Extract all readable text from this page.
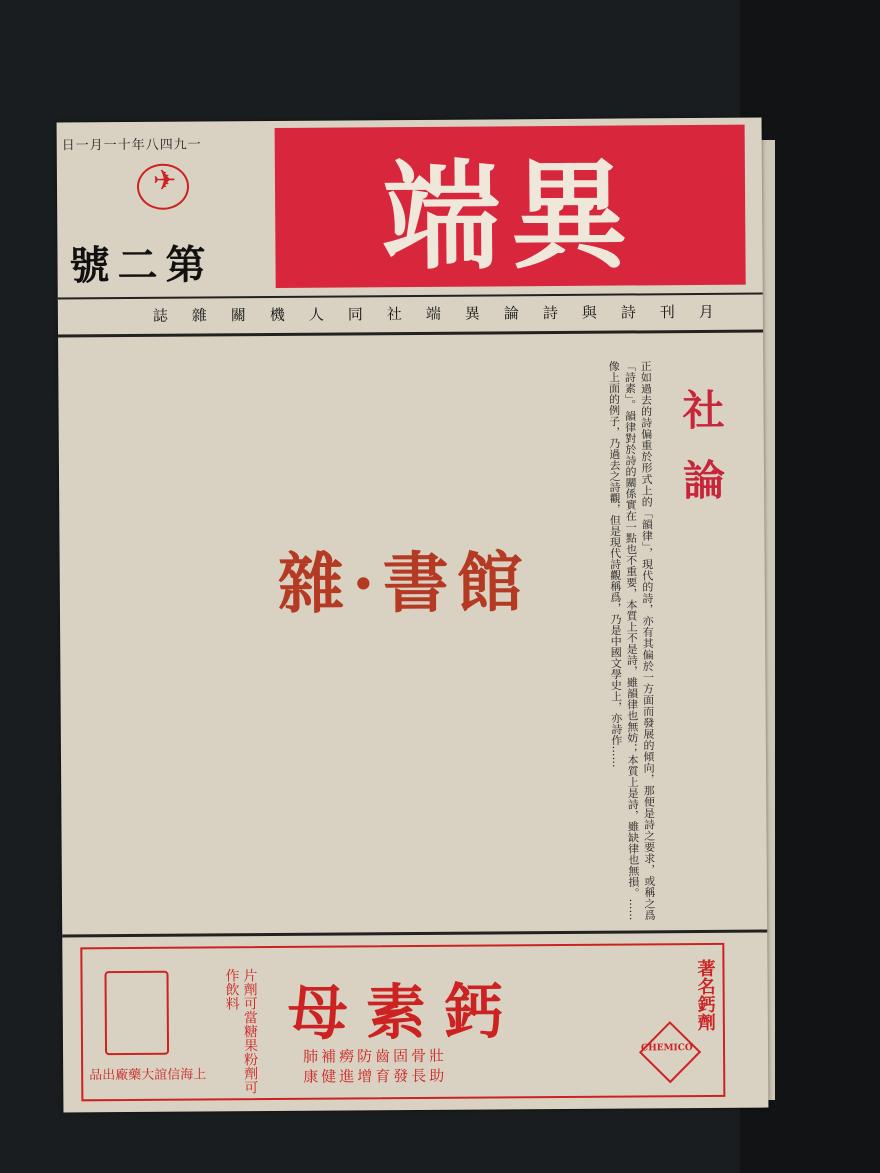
一九四八年十一月一日
✈	異端
第二號
月刊詩與詩論異端社同人機關雜誌
社論
正如過去的詩偏重於形式上的「韻律」，現代的詩，亦有其偏於一方面而發展的傾向，那便是詩之要求，或稱之爲「詩素」。韻律對於詩的關係實在一點也不重要，本質上不是詩，雖韻律也無妨；本質上是詩，雖缺律也無損。……像上面的例子，乃過去之詩觀，但是現代詩觀稱爲，乃是中國文學史上，亦詩作……
雜·書館
片劑可當糖果粉劑可作飲料 鈣素母	著名鈣劑
壯骨固齒防癆補肺
助長發育增進健康
上海信誼大藥廠出品
CHEMICO
